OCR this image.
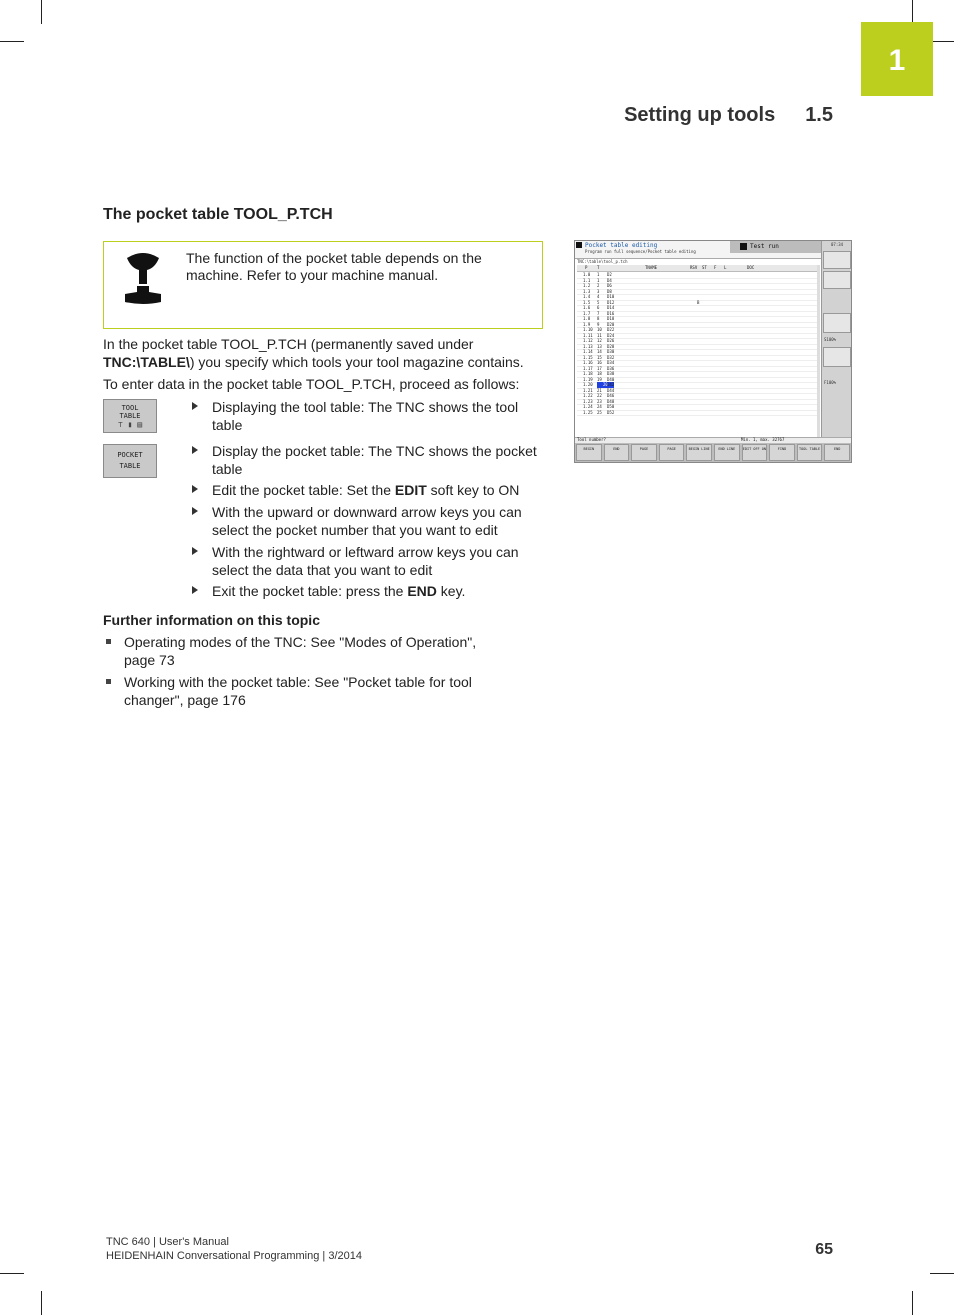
1
Setting up tools 1.5
The pocket table TOOL_P.TCH
The function of the pocket table depends on the machine. Refer to your machine manual.
In the pocket table TOOL_P.TCH (permanently saved under TNC:\TABLE\) you specify which tools your tool magazine contains.
To enter data in the pocket table TOOL_P.TCH, proceed as follows:
TOOL
TABLE
⊤ ▮ ▤
POCKET
TABLE
Displaying the tool table: The TNC shows the tool table
Display the pocket table: The TNC shows the pocket table
Edit the pocket table: Set the EDIT soft key to ON
With the upward or downward arrow keys you can select the pocket number that you want to edit
With the rightward or leftward arrow keys you can select the data that you want to edit
Exit the pocket table: press the END key.
Further information on this topic
Operating modes of the TNC: See "Modes of Operation",
page 73
Working with the pocket table: See "Pocket table for tool
changer", page 176
Pocket table editing
Program run full sequence/Pocket table editing
Test run	07:34
S100%
F100%
TNC:\table\tool_p.tch
P T	TNAME	RSV ST F L	DOC
1.0 1 D2
1.1 1 D4
1.2 2 D6
1.3 3 D8
1.4 4 D10
1.5 5 D12	B
1.6 6 D14
1.7 7 D16
1.8 8 D18
1.9 9 D20
1.10 10 D22
1.11 11 D24
1.12 12 D26
1.13 13 D28
1.14 14 D30
1.15 15 D32
1.16 16 D34
1.17 17 D36
1.18 18 D38
1.19 19 D40
1.20	20 D42
1.21 21 D44
1.22 22 D46
1.23 23 D48
1.24 24 D50
1.25 25 D52
Tool number?	Min. 1, max. 32767
BEGIN	END	PAGE	PAGE	BEGIN LINE	END LINE	EDIT OFF ON	FIND	TOOL TABLE	END
TNC 640 | User's Manual
HEIDENHAIN Conversational Programming | 3/2014	65
